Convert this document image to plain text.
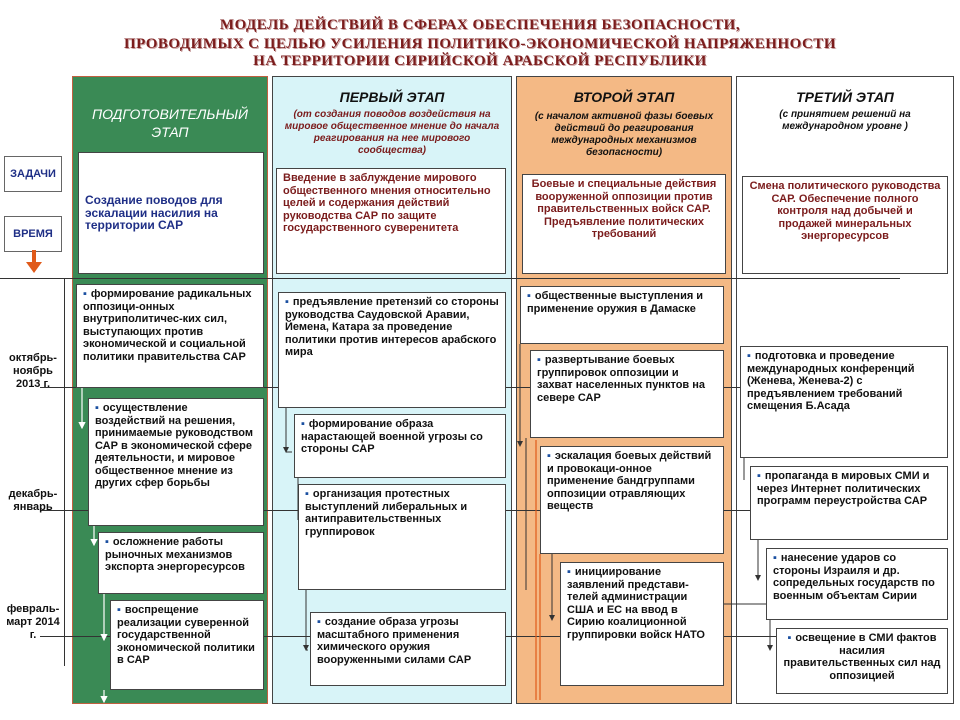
МОДЕЛЬ ДЕЙСТВИЙ В СФЕРАХ ОБЕСПЕЧЕНИЯ БЕЗОПАСНОСТИ,
ПРОВОДИМЫХ С ЦЕЛЬЮ УСИЛЕНИЯ ПОЛИТИКО-ЭКОНОМИЧЕСКОЙ НАПРЯЖЕННОСТИ
НА ТЕРРИТОРИИ СИРИЙСКОЙ АРАБСКОЙ РЕСПУБЛИКИ
ПОДГОТОВИТЕЛЬНЫЙ ЭТАП
ПЕРВЫЙ ЭТАП
(от создания поводов воздействия на мировое общественное мнение до начала реагирования на нее мирового сообщества)
ВТОРОЙ ЭТАП
(с началом активной фазы боевых действий до реагирования международных механизмов безопасности)
ТРЕТИЙ ЭТАП
(с принятием решений на международном уровне )
ЗАДАЧИ
ВРЕМЯ
октябрь-ноябрь 2013 г.
декабрь-январь
февраль-март 2014 г.
Создание поводов для эскалации насилия на территории САР
Введение в заблуждение мирового общественного мнения относительно целей и содержания действий руководства САР по защите государственного суверенитета
Боевые и специальные действия вооруженной оппозиции против правительственных войск САР. Предъявление политических требований
Смена политического руководства САР. Обеспечение полного контроля над добычей и продажей минеральных энергоресурсов
▪ формирование радикальных оппозици-онных внутриполитичес-ких сил, выступающих против экономической и социальной политики правительства САР
▪ осуществление воздействий на решения, принимаемые руководством САР в экономической сфере деятельности, и мировое общественное мнение из других сфер борьбы
▪ осложнение работы рыночных механизмов экспорта энергоресурсов
▪ воспрещение реализации суверенной государственной экономической политики в САР
▪ предъявление претензий со стороны руководства Саудовской Аравии, Йемена, Катара за проведение политики против интересов арабского мира
▪ формирование образа нарастающей военной угрозы со стороны САР
▪ организация протестных выступлений либеральных и антиправительственных группировок
▪ создание образа угрозы масштабного применения химического оружия вооруженными силами САР
▪ общественные выступления и применение оружия в Дамаске
▪ развертывание боевых группировок оппозиции и захват населенных пунктов на севере САР
▪ эскалация боевых действий и провокаци-онное применение бандгруппами оппозиции отравляющих веществ
▪ инициирование заявлений представи-телей администрации США и ЕС на ввод в Сирию коалиционной группировки войск НАТО
▪ подготовка и проведение международных конференций (Женева, Женева-2) с предъявлением требований смещения Б.Асада
▪ пропаганда в мировых СМИ и через Интернет политических программ переустройства САР
▪ нанесение ударов со стороны Израиля и др. сопредельных государств по военным объектам Сирии
▪ освещение в СМИ фактов насилия правительственных сил над оппозицией
